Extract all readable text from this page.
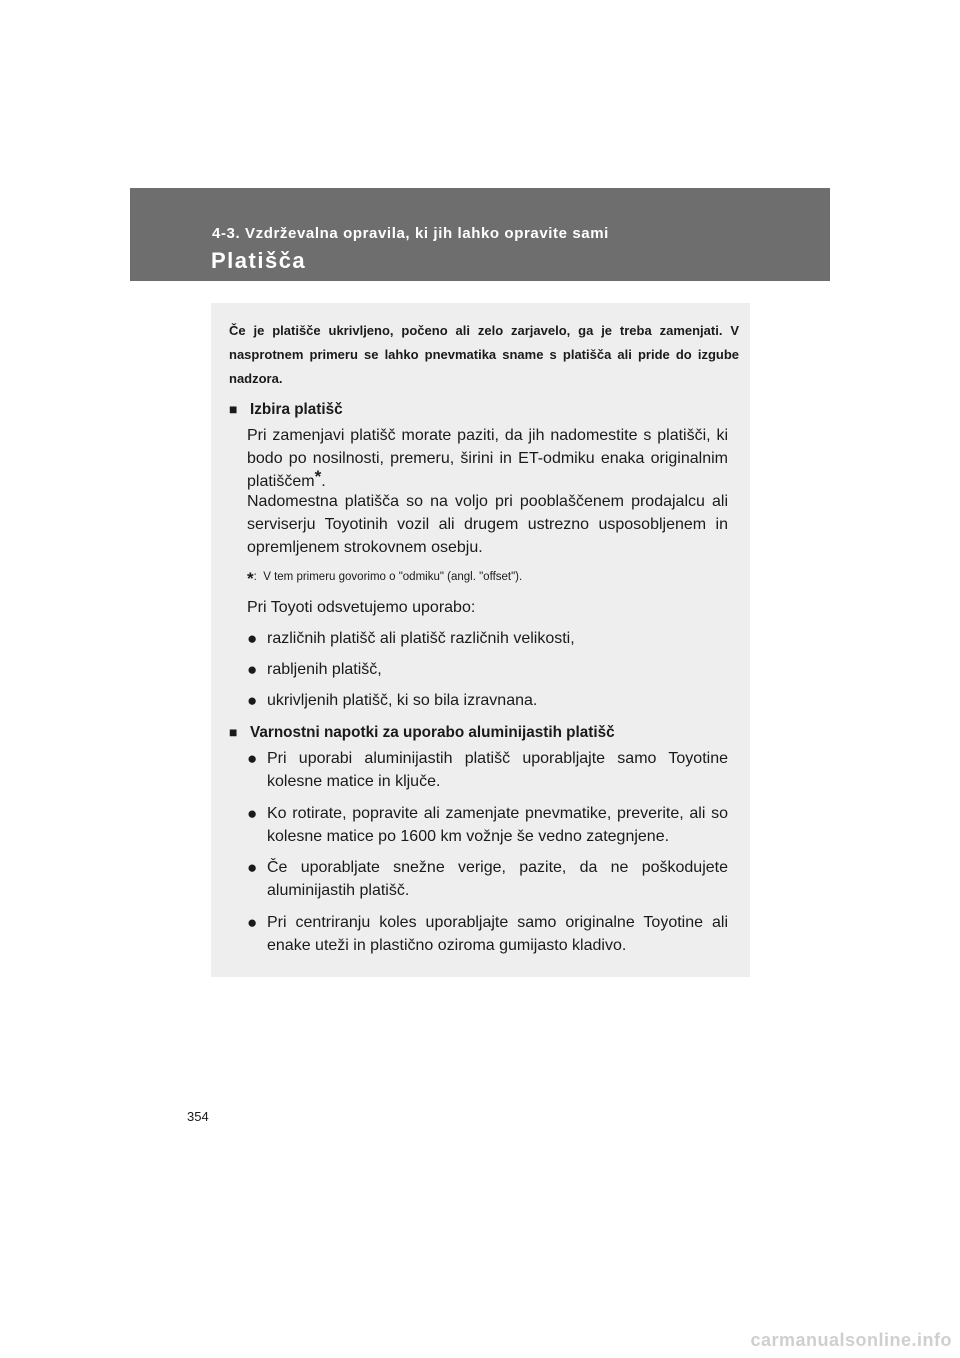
4-3. Vzdrževalna opravila, ki jih lahko opravite sami
Platišča
Če je platišče ukrivljeno, počeno ali zelo zarjavelo, ga je treba zamenjati. V nasprotnem primeru se lahko pnevmatika sname s platišča ali pride do izgube nadzora.
■ Izbira platišč
Pri zamenjavi platišč morate paziti, da jih nadomestite s platišči, ki bodo po nosilnosti, premeru, širini in ET-odmiku enaka originalnim platiščem*.
Nadomestna platišča so na voljo pri pooblaščenem prodajalcu ali serviserju Toyotinih vozil ali drugem ustrezno usposobljenem in opremljenem strokovnem osebju.
*: V tem primeru govorimo o "odmiku" (angl. "offset").
Pri Toyoti odsvetujemo uporabo:
● različnih platišč ali platišč različnih velikosti,
● rabljenih platišč,
● ukrivljenih platišč, ki so bila izravnana.
■ Varnostni napotki za uporabo aluminijastih platišč
● Pri uporabi aluminijastih platišč uporabljajte samo Toyotine kolesne matice in ključe.
● Ko rotirate, popravite ali zamenjate pnevmatike, preverite, ali so kolesne matice po 1600 km vožnje še vedno zategnjene.
● Če uporabljate snežne verige, pazite, da ne poškodujete aluminijastih platišč.
● Pri centriranju koles uporabljajte samo originalne Toyotine ali enake uteži in plastično oziroma gumijasto kladivo.
354
carmanualsonline.info
